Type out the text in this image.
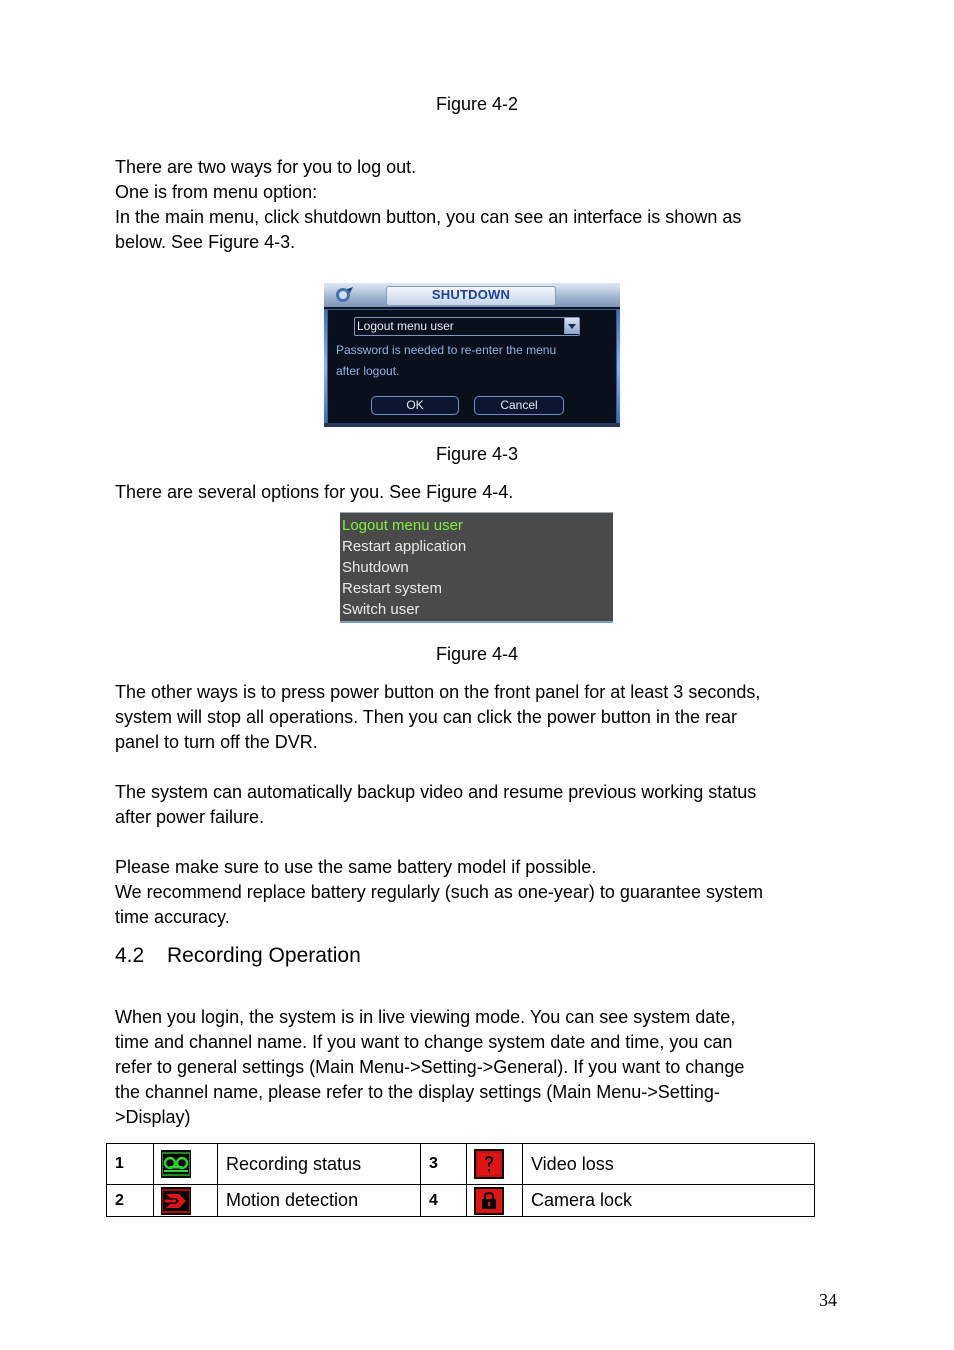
Figure 4-2
There are two ways for you to log out.
One is from menu option:
In the main menu, click shutdown button, you can see an interface is shown as
below. See Figure 4-3.
SHUTDOWN
Logout menu user
Password is needed to re-enter the menu
after logout.
OK	Cancel
Figure 4-3
There are several options for you. See Figure 4-4.
Logout menu user
Restart application
Shutdown
Restart system
Switch user
Figure 4-4
The other ways is to press power button on the front panel for at least 3 seconds,
system will stop all operations. Then you can click the power button in the rear
panel to turn off the DVR.
The system can automatically backup video and resume previous working status
after power failure.
Please make sure to use the same battery model if possible.
We recommend replace battery regularly (such as one-year) to guarantee system
time accuracy.
4.2 Recording Operation
When you login, the system is in live viewing mode. You can see system date,
time and channel name. If you want to change system date and time, you can
refer to general settings (Main Menu->Setting->General). If you want to change
the channel name, please refer to the display settings (Main Menu->Setting-
>Display)
1		Recording status	3		Video loss
2		Motion detection	4		Camera lock
34
